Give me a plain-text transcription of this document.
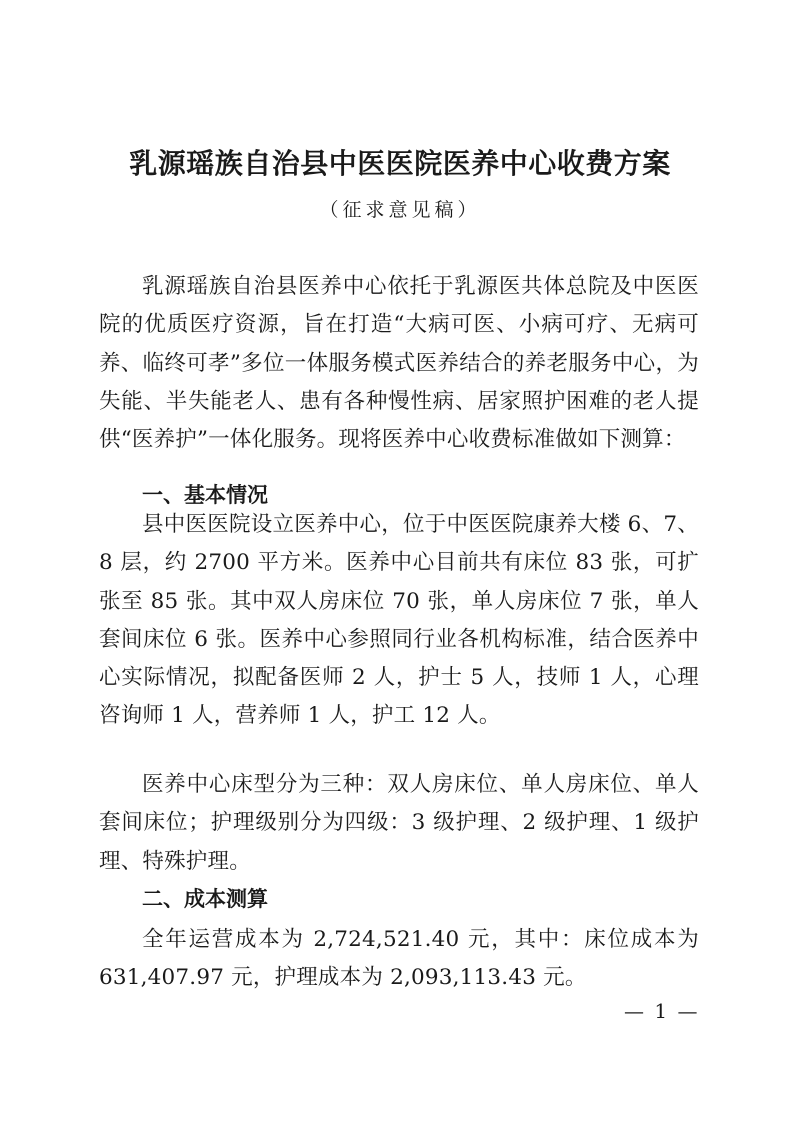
乳源瑶族自治县中医医院医养中心收费方案
（征求意见稿）

乳源瑶族自治县医养中心依托于乳源医共体总院及中医医院的优质医疗资源，旨在打造“大病可医、小病可疗、无病可养、临终可孝”多位一体服务模式医养结合的养老服务中心，为失能、半失能老人、患有各种慢性病、居家照护困难的老人提供“医养护”一体化服务。现将医养中心收费标准做如下测算：

一、基本情况

县中医医院设立医养中心，位于中医医院康养大楼 6、7、8 层，约 2700 平方米。医养中心目前共有床位 83 张，可扩张至 85 张。其中双人房床位 70 张，单人房床位 7 张，单人套间床位 6 张。医养中心参照同行业各机构标准，结合医养中心实际情况，拟配备医师 2 人，护士 5 人，技师 1 人，心理咨询师 1 人，营养师 1 人，护工 12 人。

医养中心床型分为三种：双人房床位、单人房床位、单人套间床位；护理级别分为四级：3 级护理、2 级护理、1 级护理、特殊护理。

二、成本测算

全年运营成本为 2,724,521.40 元，其中：床位成本为 631,407.97 元，护理成本为 2,093,113.43 元。

— 1 —
